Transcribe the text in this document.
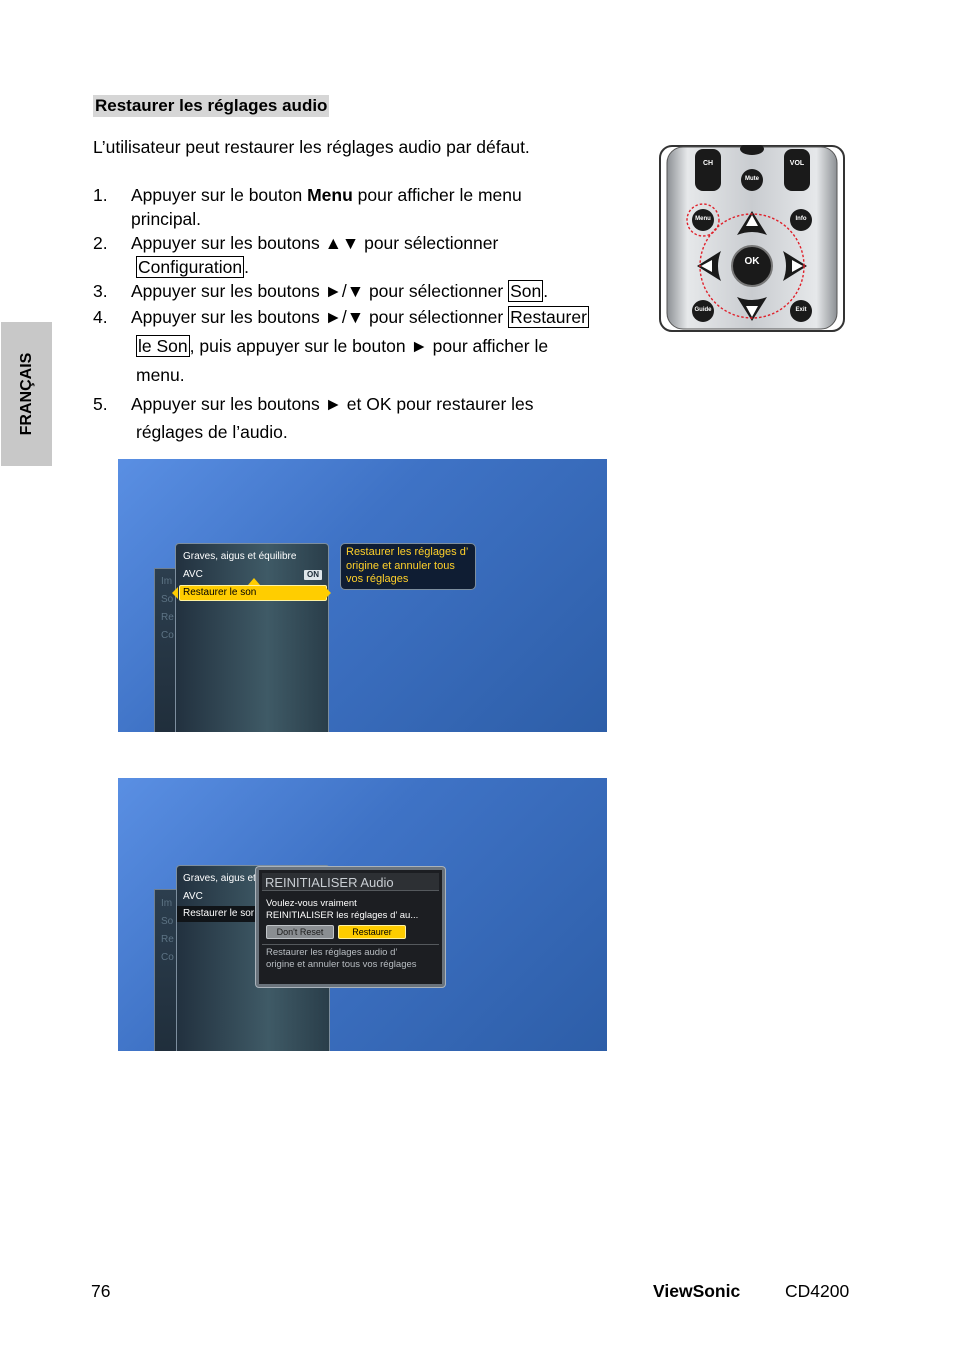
FRANÇAIS
Restaurer les réglages audio
L’utilisateur peut restaurer les réglages audio par défaut.
1. Appuyer sur le bouton Menu pour afficher le menu
principal.
2. Appuyer sur les boutons ▲▼ pour sélectionner
Configuration .
3. Appuyer sur les boutons ►/▼ pour sélectionner Son .
4. Appuyer sur les boutons ►/▼ pour sélectionner Restaurer
le Son , puis appuyer sur le bouton ► pour afficher le
menu.
5. Appuyer sur les boutons ► et OK pour restaurer les
réglages de l’audio.
CH	VOL
Mute
Menu	Info
OK
Guide	Exit
Im
So
Re
Co
Graves, aigus et équilibre
AVC	ON
Restaurer le son
Restaurer les réglages d’ origine et annuler tous vos réglages
Im
So
Re
Co
Graves, aigus et
AVC
Restaurer le sor
REINITIALISER Audio
Voulez-vous vraiment
REINITIALISER les réglages d’ au...
Don't Reset	Restaurer
Restaurer les réglages audio d’ origine et annuler tous vos réglages
76	ViewSonic	CD4200
